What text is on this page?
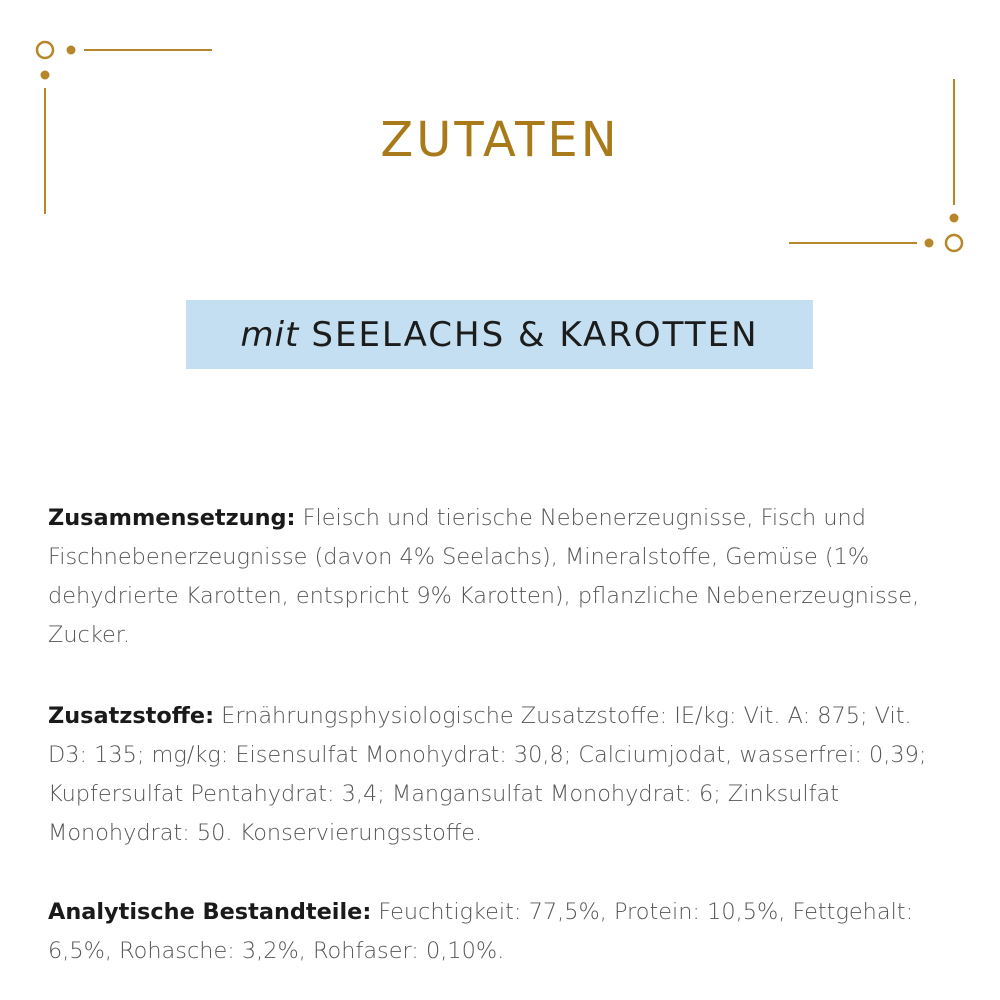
ZUTATEN
mit SEELACHS & KAROTTEN
Zusammensetzung: Fleisch und tierische Nebenerzeugnisse, Fisch und Fischnebenerzeugnisse (davon 4% Seelachs), Mineralstoffe, Gemüse (1% dehydrierte Karotten, entspricht 9% Karotten), pflanzliche Nebenerzeugnisse, Zucker.
Zusatzstoffe: Ernährungsphysiologische Zusatzstoffe: IE/kg: Vit. A: 875; Vit. D3: 135; mg/kg: Eisensulfat Monohydrat: 30,8; Calciumjodat, wasserfrei: 0,39; Kupfersulfat Pentahydrat: 3,4; Mangansulfat Monohydrat: 6; Zinksulfat Monohydrat: 50. Konservierungsstoffe.
Analytische Bestandteile: Feuchtigkeit: 77,5%, Protein: 10,5%, Fettgehalt: 6,5%, Rohasche: 3,2%, Rohfaser: 0,10%.
